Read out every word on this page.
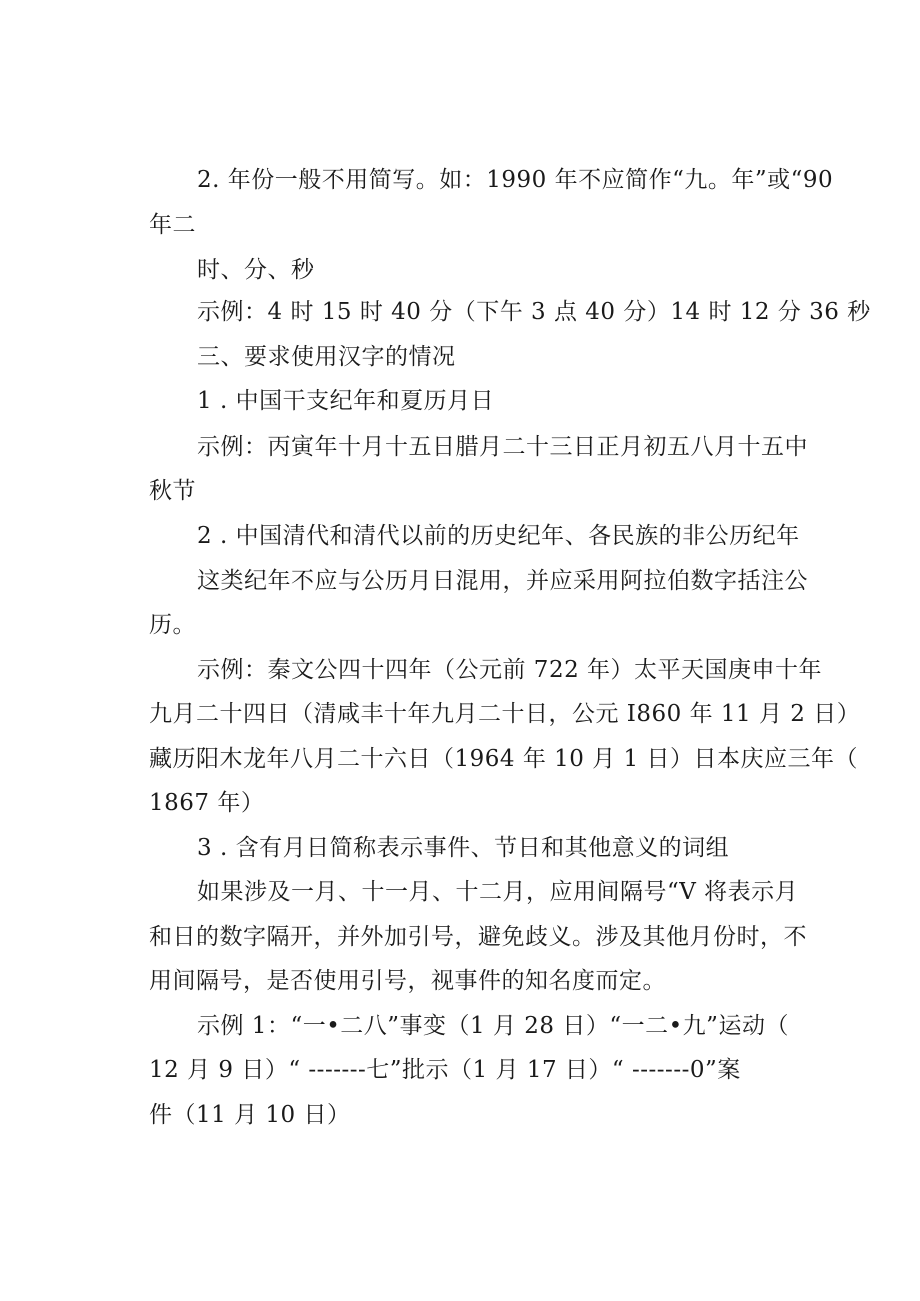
2. 年份一般不用简写。如：1990 年不应简作“九。年”或“90
年二
时、分、秒
示例：4 时 15 时 40 分（下午 3 点 40 分）14 时 12 分 36 秒
三、要求使用汉字的情况
1 . 中国干支纪年和夏历月日
示例：丙寅年十月十五日腊月二十三日正月初五八月十五中
秋节
2 . 中国清代和清代以前的历史纪年、各民族的非公历纪年
这类纪年不应与公历月日混用，并应采用阿拉伯数字括注公
历。
示例：秦文公四十四年（公元前 722 年）太平天国庚申十年
九月二十四日（清咸丰十年九月二十日，公元 I860 年 11 月 2 日）
藏历阳木龙年八月二十六日（1964 年 10 月 1 日）日本庆应三年（
1867 年）
3 . 含有月日简称表示事件、节日和其他意义的词组
如果涉及一月、十一月、十二月，应用间隔号“V 将表示月
和日的数字隔开，并外加引号，避免歧义。涉及其他月份时，不
用间隔号，是否使用引号，视事件的知名度而定。
示例 1：“一•二八”事变（1 月 28 日）“一二•九”运动（
12 月 9 日）“ -------七”批示（1 月 17 日）“ -------0”案
件（11 月 10 日）
